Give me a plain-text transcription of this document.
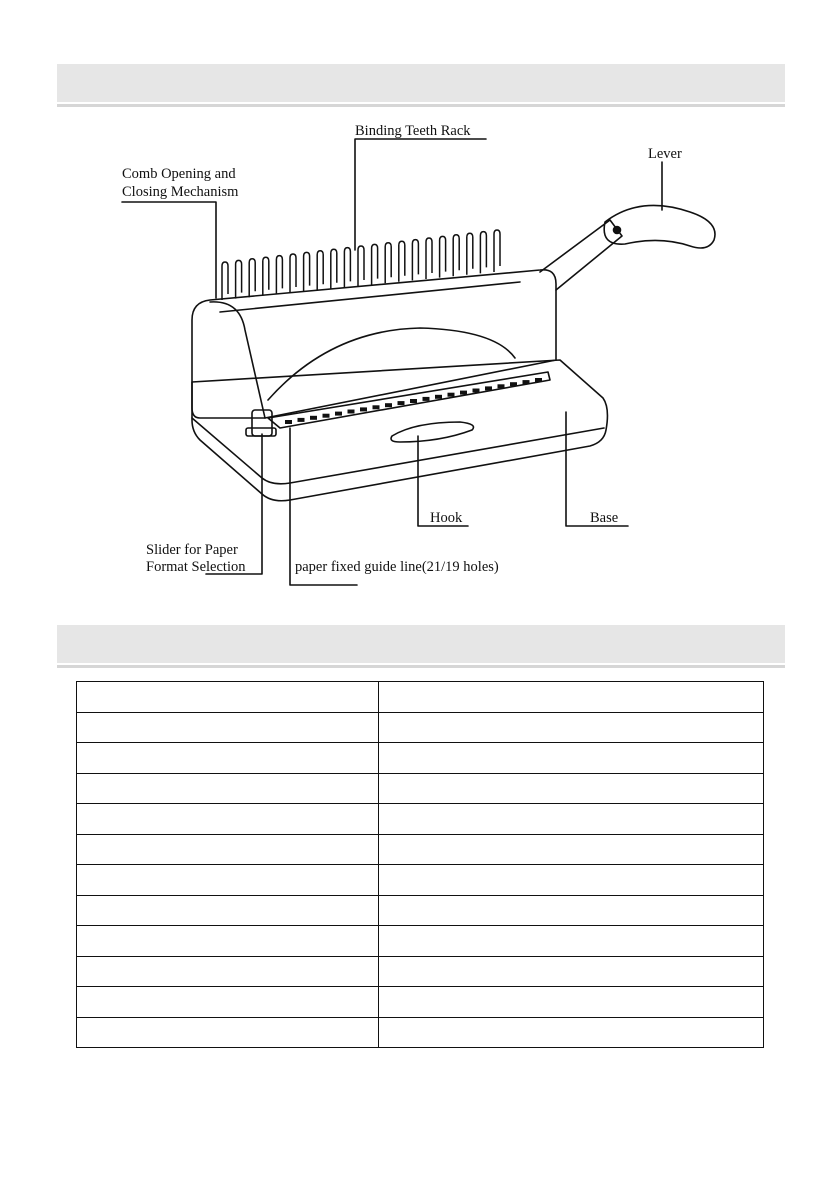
Binding Teeth Rack
Lever
Comb Opening and
Closing Mechanism
Hook	Base
Slider for Paper
Format Selection	paper fixed guide line(21/19 holes)
